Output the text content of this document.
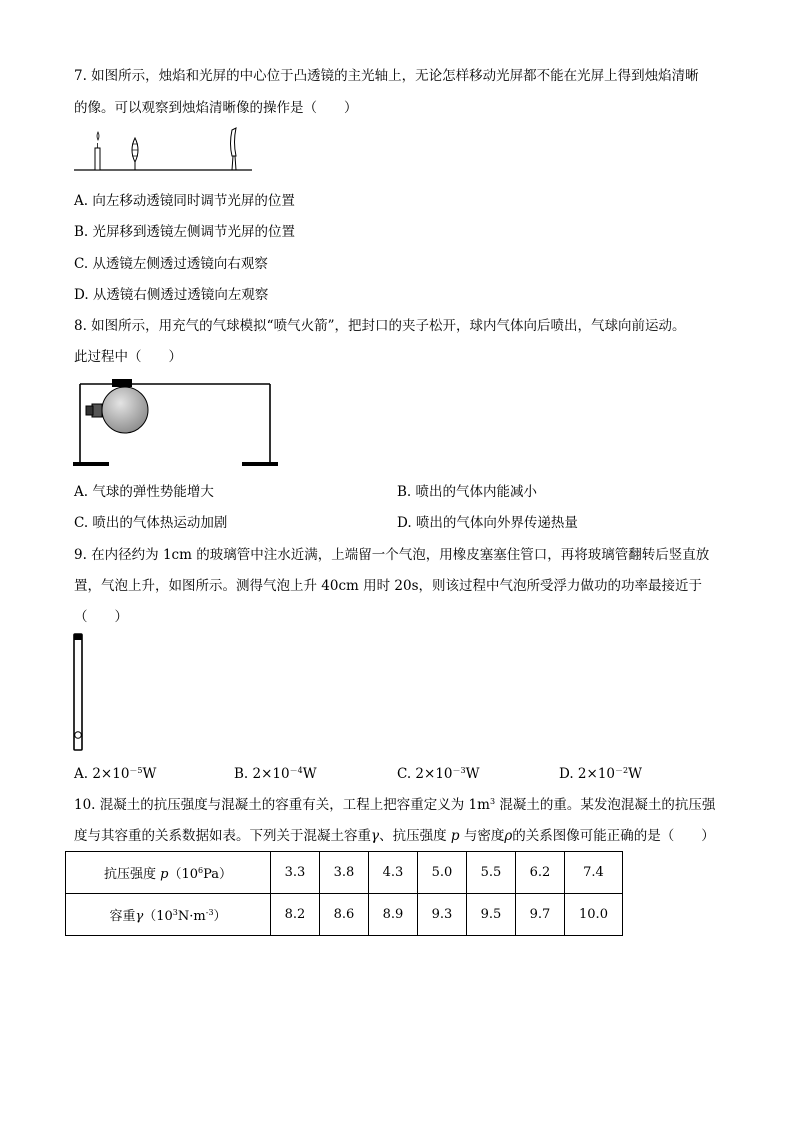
7. 如图所示，烛焰和光屏的中心位于凸透镜的主光轴上，无论怎样移动光屏都不能在光屏上得到烛焰清晰
的像。可以观察到烛焰清晰像的操作是（　　）
A. 向左移动透镜同时调节光屏的位置
B. 光屏移到透镜左侧调节光屏的位置
C. 从透镜左侧透过透镜向右观察
D. 从透镜右侧透过透镜向左观察
8. 如图所示，用充气的气球模拟“喷气火箭”，把封口的夹子松开，球内气体向后喷出，气球向前运动。
此过程中（　　）
A. 气球的弹性势能增大	B. 喷出的气体内能减小
C. 喷出的气体热运动加剧	D. 喷出的气体向外界传递热量
9. 在内径约为 1cm 的玻璃管中注水近满，上端留一个气泡，用橡皮塞塞住管口，再将玻璃管翻转后竖直放
置，气泡上升，如图所示。测得气泡上升 40cm 用时 20s，则该过程中气泡所受浮力做功的功率最接近于
（　　）
A. $2\times 10^{-5}W$	B. $2\times 10^{-4}W$	C. $2\times 10^{-3}W$	D. $2\times 10^{-2}W$
10. 混凝土的抗压强度与混凝土的容重有关，工程上把容重定义为 $1m^3$ 混凝土的重。某发泡混凝土的抗压强
度与其容重的关系数据如表。下列关于混凝土容重γ、抗压强度 p 与密度ρ的关系图像可能正确的是（　　）
抗压强度 $p(10^6Pa)$	3.3	3.8	4.3	5.0	5.5	6.2	7.4
容重$\gamma(10^3N\cdot m^{-3})$	8.2	8.6	8.9	9.3	9.5	9.7	10.0
